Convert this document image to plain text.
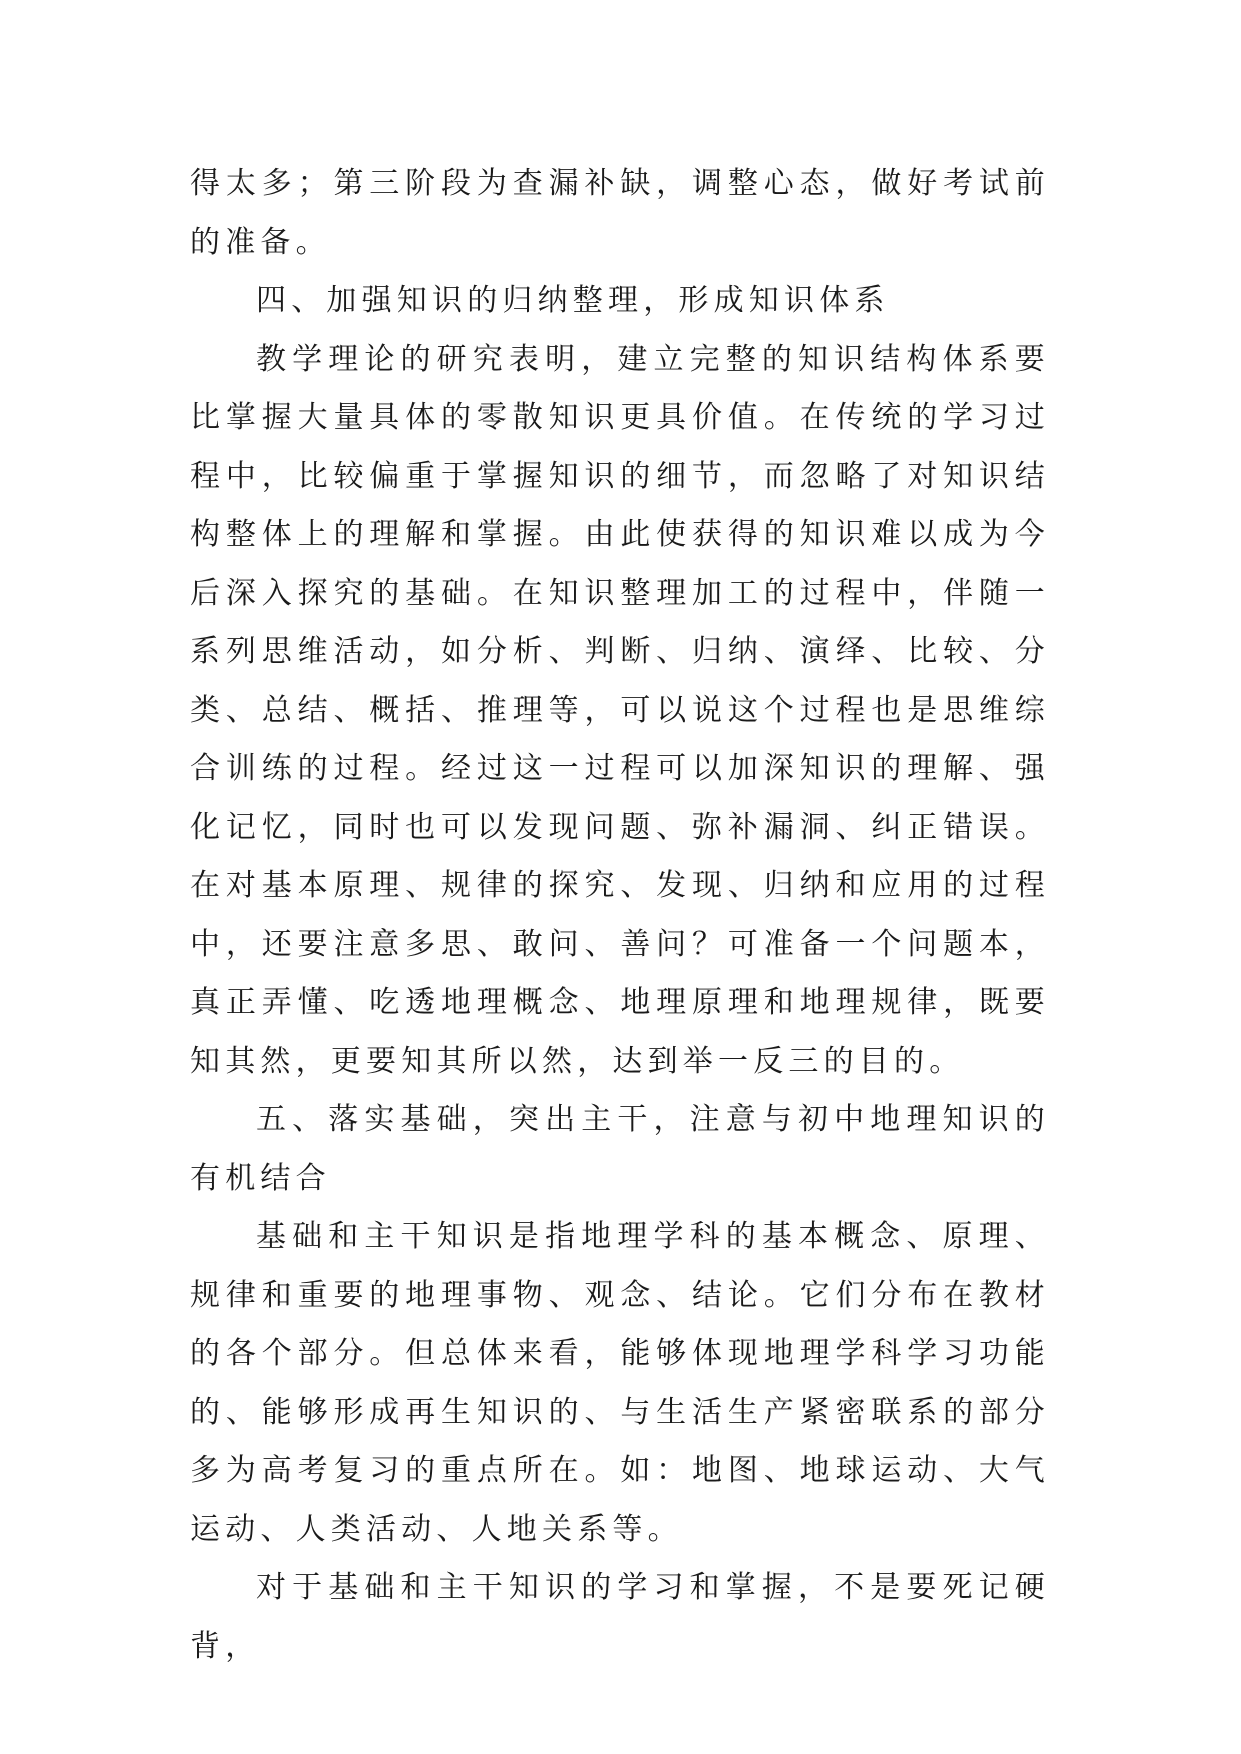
得太多；第三阶段为查漏补缺，调整心态，做好考试前的准备。

四、加强知识的归纳整理，形成知识体系

教学理论的研究表明，建立完整的知识结构体系要比掌握大量具体的零散知识更具价值。在传统的学习过程中，比较偏重于掌握知识的细节，而忽略了对知识结构整体上的理解和掌握。由此使获得的知识难以成为今后深入探究的基础。在知识整理加工的过程中，伴随一系列思维活动，如分析、判断、归纳、演绎、比较、分类、总结、概括、推理等，可以说这个过程也是思维综合训练的过程。经过这一过程可以加深知识的理解、强化记忆，同时也可以发现问题、弥补漏洞、纠正错误。在对基本原理、规律的探究、发现、归纳和应用的过程中，还要注意多思、敢问、善问？可准备一个问题本，真正弄懂、吃透地理概念、地理原理和地理规律，既要知其然，更要知其所以然，达到举一反三的目的。

五、落实基础，突出主干，注意与初中地理知识的有机结合

基础和主干知识是指地理学科的基本概念、原理、规律和重要的地理事物、观念、结论。它们分布在教材的各个部分。但总体来看，能够体现地理学科学习功能的、能够形成再生知识的、与生活生产紧密联系的部分多为高考复习的重点所在。如：地图、地球运动、大气运动、人类活动、人地关系等。

对于基础和主干知识的学习和掌握，不是要死记硬背，
